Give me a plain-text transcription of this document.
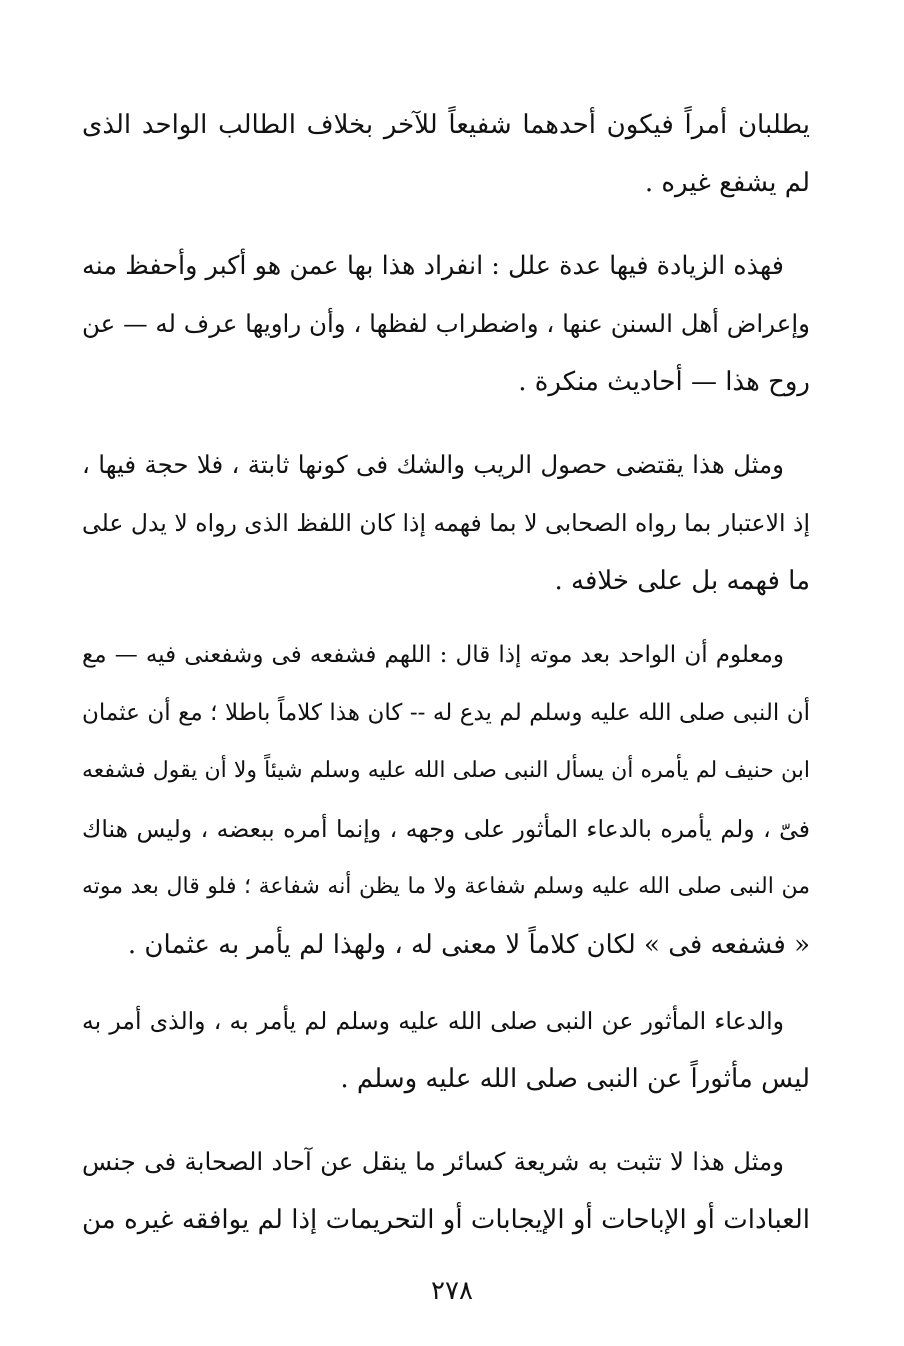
يطلبان أمراً فيكون أحدهما شفيعاً للآخر بخلاف الطالب الواحد الذى
لم يشفع غيره .
فهذه الزيادة فيها عدة علل : انفراد هذا بها عمن هو أكبر وأحفظ منه
وإعراض أهل السنن عنها ، واضطراب لفظها ، وأن راويها عرف له — عن
روح هذا — أحاديث منكرة .
ومثل هذا يقتضى حصول الريب والشك فى كونها ثابتة ، فلا حجة فيها ،
إذ الاعتبار بما رواه الصحابى لا بما فهمه إذا كان اللفظ الذى رواه لا يدل على
ما فهمه بل على خلافه .
ومعلوم أن الواحد بعد موته إذا قال : اللهم فشفعه فى وشفعنى فيه — مع
أن النبى صلى الله عليه وسلم لم يدع له -- كان هذا كلاماً باطلا ؛ مع أن عثمان
ابن حنيف لم يأمره أن يسأل النبى صلى الله عليه وسلم شيئاً ولا أن يقول فشفعه
فىّ ، ولم يأمره بالدعاء المأثور على وجهه ، وإنما أمره ببعضه ، وليس هناك
من النبى صلى الله عليه وسلم شفاعة ولا ما يظن أنه شفاعة ؛ فلو قال بعد موته
« فشفعه فى » لكان كلاماً لا معنى له ، ولهذا لم يأمر به عثمان .
والدعاء المأثور عن النبى صلى الله عليه وسلم لم يأمر به ، والذى أمر به
ليس مأثوراً عن النبى صلى الله عليه وسلم .
ومثل هذا لا تثبت به شريعة كسائر ما ينقل عن آحاد الصحابة فى جنس
العبادات أو الإباحات أو الإيجابات أو التحريمات إذا لم يوافقه غيره من
٢٧٨
